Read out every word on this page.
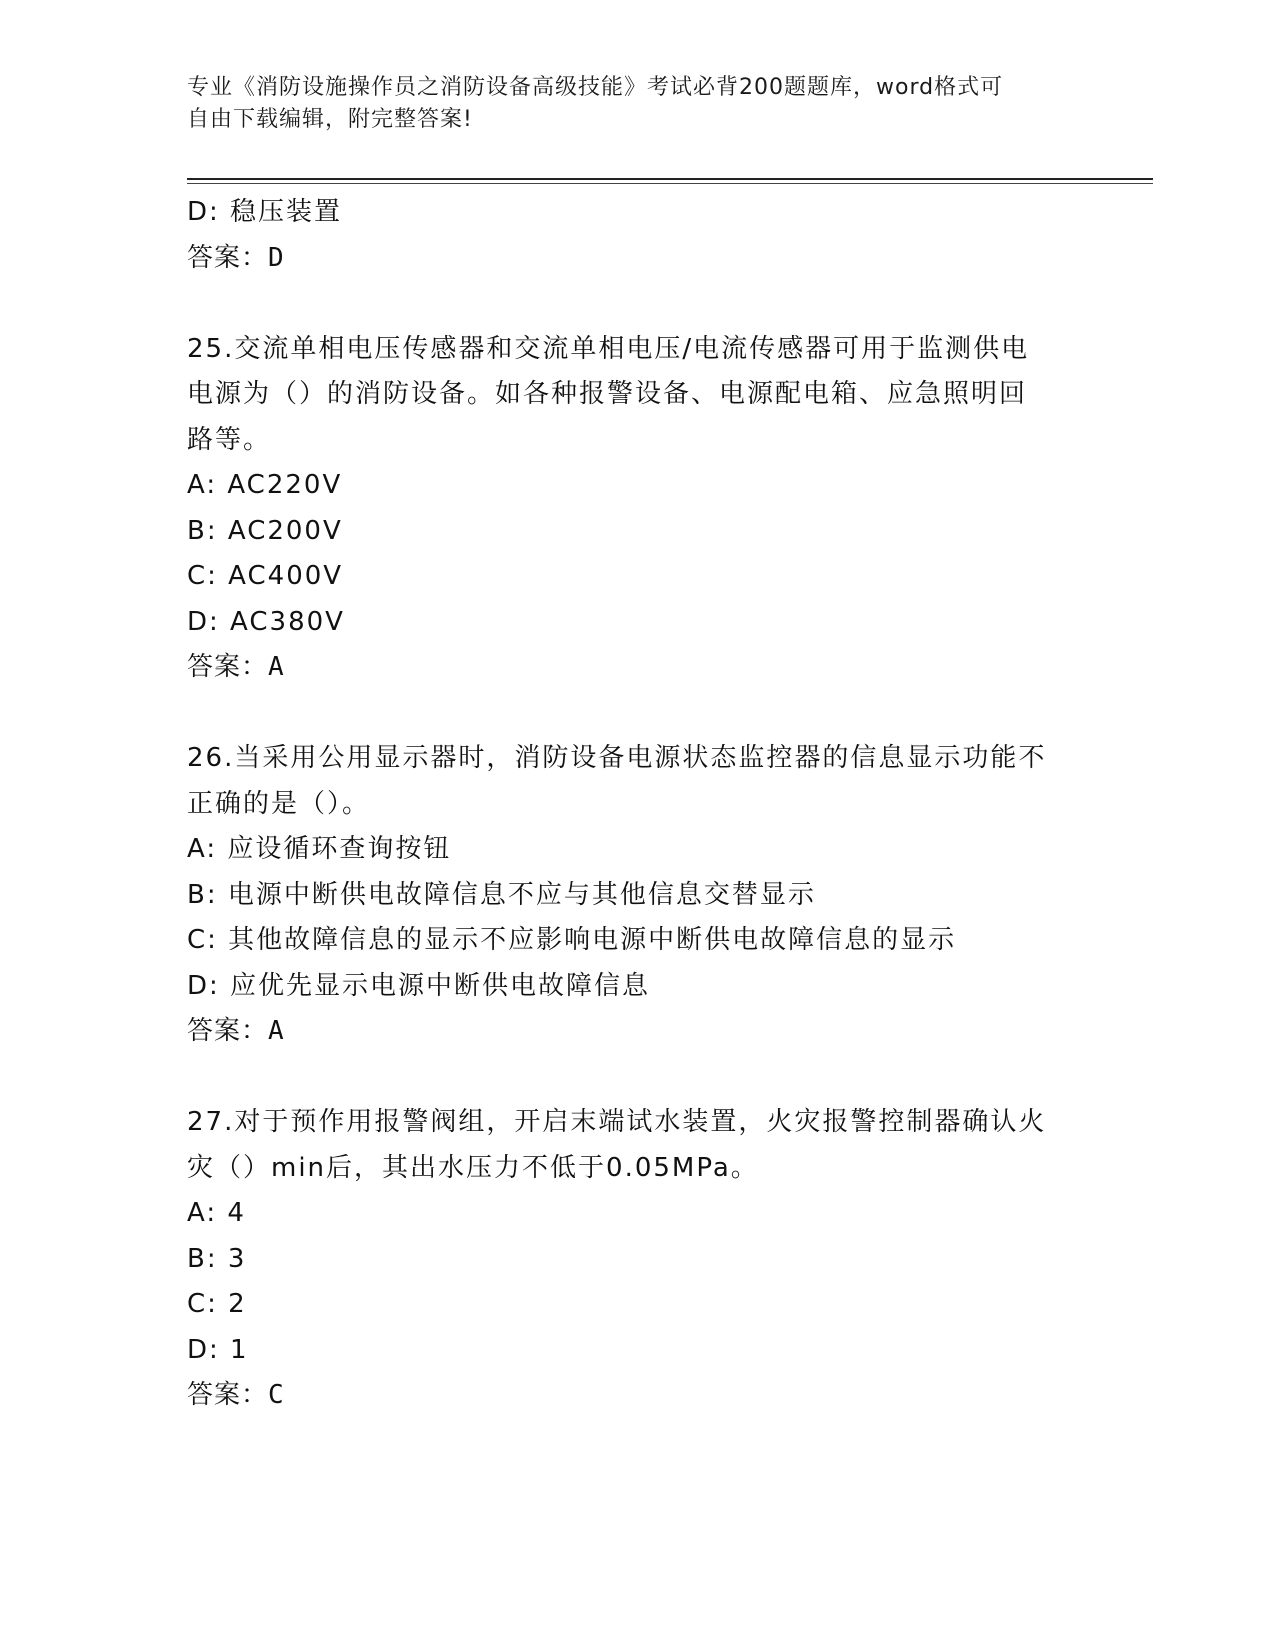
专业《消防设施操作员之消防设备高级技能》考试必背200题题库，word格式可
自由下载编辑，附完整答案!
D: 稳压装置
答案：D
25.交流单相电压传感器和交流单相电压/电流传感器可用于监测供电
电源为（）的消防设备。如各种报警设备、电源配电箱、应急照明回
路等。
A: AC220V
B: AC200V
C: AC400V
D: AC380V
答案：A
26.当采用公用显示器时，消防设备电源状态监控器的信息显示功能不
正确的是（）。
A: 应设循环查询按钮
B: 电源中断供电故障信息不应与其他信息交替显示
C: 其他故障信息的显示不应影响电源中断供电故障信息的显示
D: 应优先显示电源中断供电故障信息
答案：A
27.对于预作用报警阀组，开启末端试水装置，火灾报警控制器确认火
灾（）min后，其出水压力不低于0.05MPa。
A: 4
B: 3
C: 2
D: 1
答案：C
